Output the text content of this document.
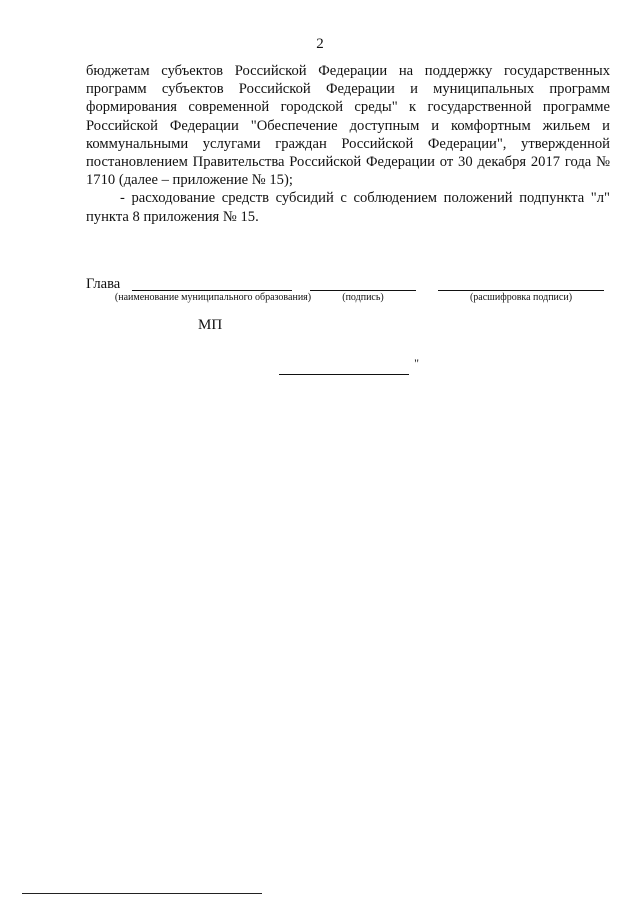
2

бюджетам субъектов Российской Федерации на поддержку государственных программ субъектов Российской Федерации и муниципальных программ формирования современной городской среды" к государственной программе Российской Федерации "Обеспечение доступным и комфортным жильем и коммунальными услугами граждан Российской Федерации", утвержденной постановлением Правительства Российской Федерации от 30 декабря 2017 года № 1710 (далее – приложение № 15);

- расходование средств субсидий с соблюдением положений подпункта "л" пункта 8 приложения № 15.

Глава
(наименование муниципального образования)	(подпись)	(расшифровка подписи)
МП
"
